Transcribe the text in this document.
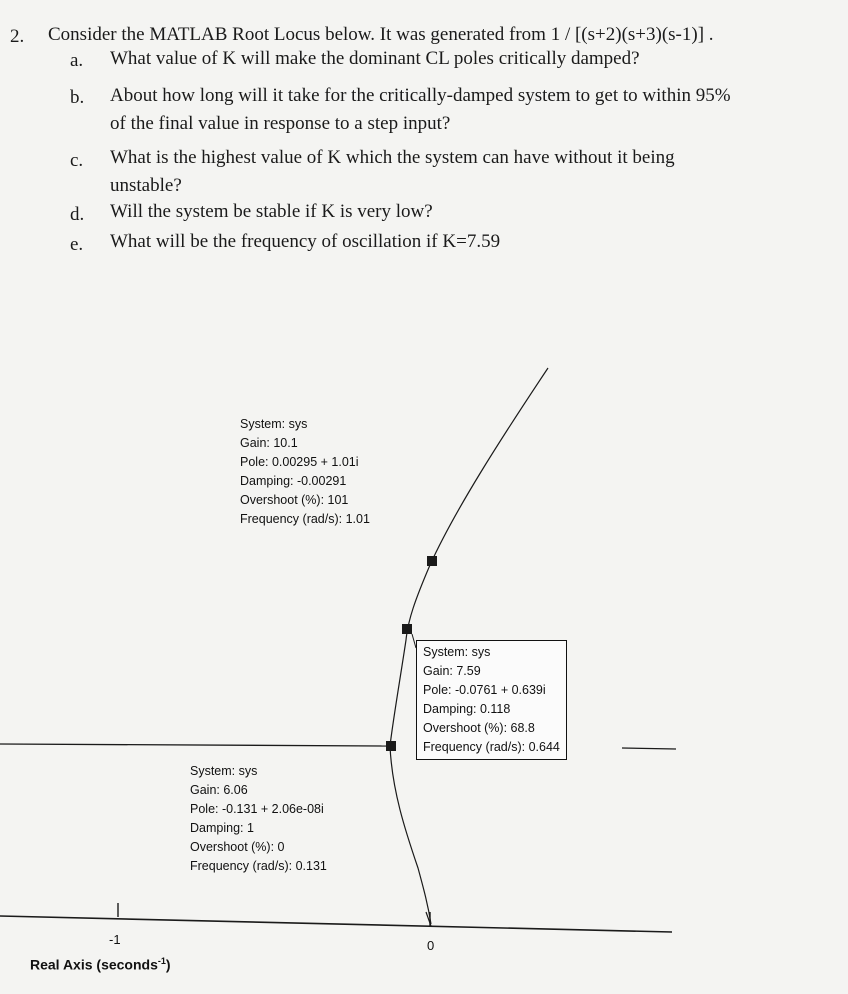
2. Consider the MATLAB Root Locus below. It was generated from 1 / [(s+2)(s+3)(s-1)] .
a. What value of K will make the dominant CL poles critically damped?
b. About how long will it take for the critically-damped system to get to within 95%
of the final value in response to a step input?
c. What is the highest value of K which the system can have without it being
unstable?
d. Will the system be stable if K is very low?
e. What will be the frequency of oscillation if K=7.59
System: sys
Gain: 10.1
Pole: 0.00295 + 1.01i
Damping: -0.00291
Overshoot (%): 101
Frequency (rad/s): 1.01
System: sys
Gain: 7.59
Pole: -0.0761 + 0.639i
Damping: 0.118
Overshoot (%): 68.8
Frequency (rad/s): 0.644
System: sys
Gain: 6.06
Pole: -0.131 + 2.06e-08i
Damping: 1
Overshoot (%): 0
Frequency (rad/s): 0.131
-1	0
Real Axis (seconds$^{-1}$)
